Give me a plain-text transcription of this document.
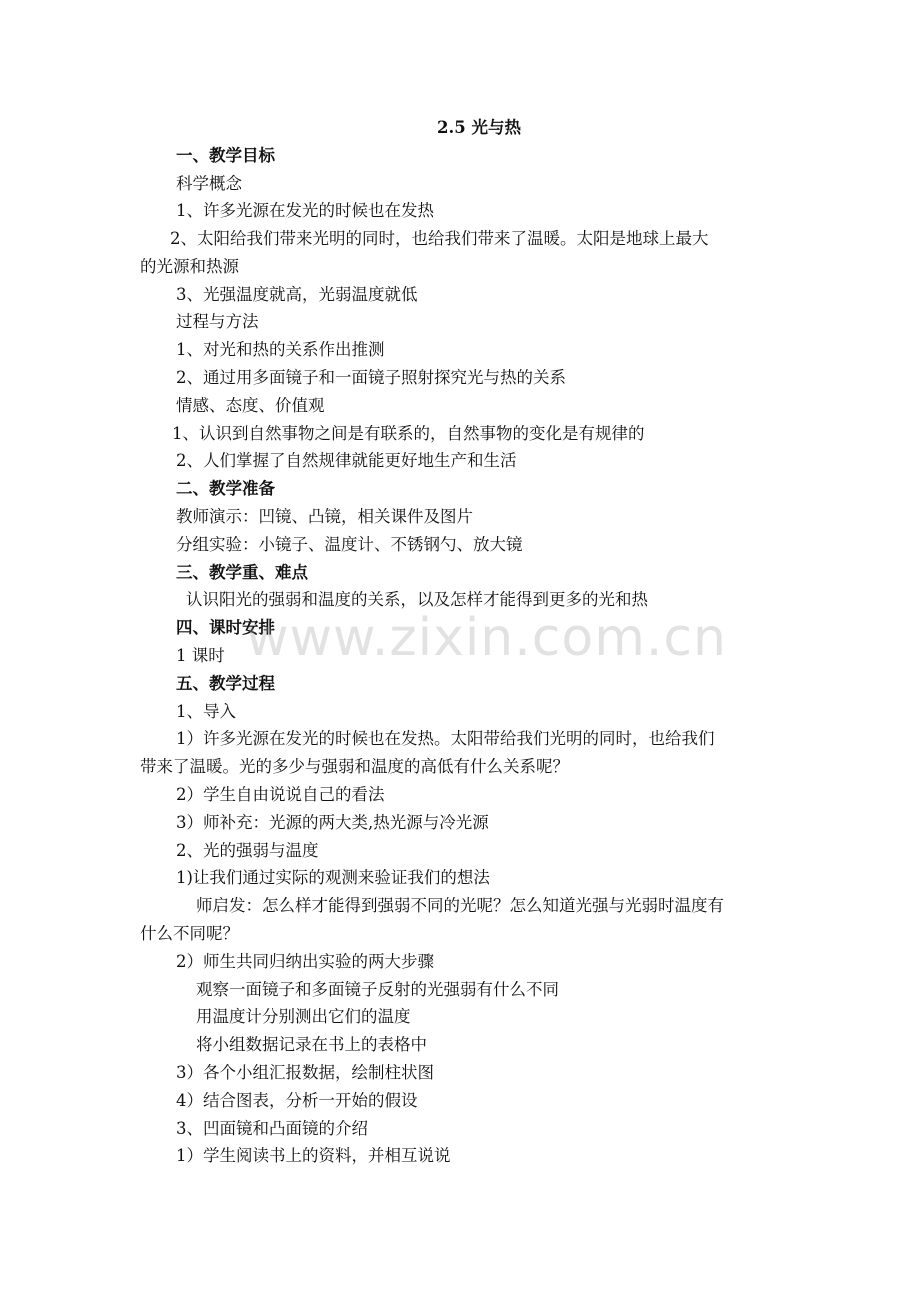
2.5 光与热
一、教学目标
科学概念
1、许多光源在发光的时候也在发热
2、太阳给我们带来光明的同时，也给我们带来了温暖。太阳是地球上最大
的光源和热源
3、光强温度就高，光弱温度就低
过程与方法
1、对光和热的关系作出推测
2、通过用多面镜子和一面镜子照射探究光与热的关系
情感、态度、价值观
1、认识到自然事物之间是有联系的，自然事物的变化是有规律的
2、人们掌握了自然规律就能更好地生产和生活
二、教学准备
教师演示：凹镜、凸镜，相关课件及图片
分组实验：小镜子、温度计、不锈钢勺、放大镜
三、教学重、难点
认识阳光的强弱和温度的关系，以及怎样才能得到更多的光和热
四、课时安排
1 课时
五、教学过程
1、导入
1）许多光源在发光的时候也在发热。太阳带给我们光明的同时，也给我们
带来了温暖。光的多少与强弱和温度的高低有什么关系呢？
2）学生自由说说自己的看法
3）师补充：光源的两大类,热光源与冷光源
2、光的强弱与温度
1)让我们通过实际的观测来验证我们的想法
师启发：怎么样才能得到强弱不同的光呢？怎么知道光强与光弱时温度有
什么不同呢？
2）师生共同归纳出实验的两大步骤
观察一面镜子和多面镜子反射的光强弱有什么不同
用温度计分别测出它们的温度
将小组数据记录在书上的表格中
3）各个小组汇报数据，绘制柱状图
4）结合图表，分析一开始的假设
3、凹面镜和凸面镜的介绍
1）学生阅读书上的资料，并相互说说
www.zixin.com.cn
